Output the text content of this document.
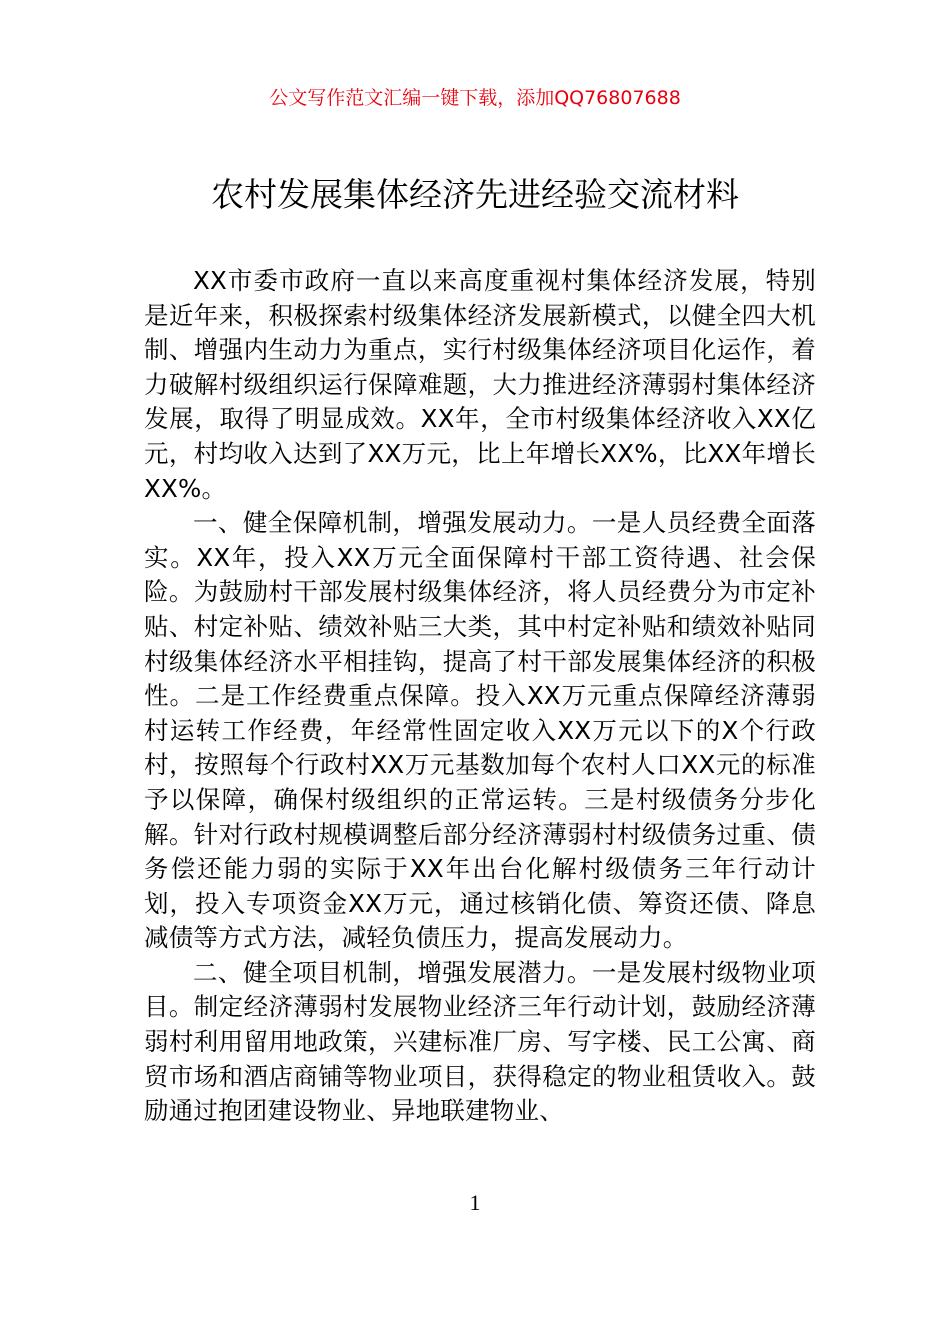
公文写作范文汇编一键下载，添加QQ76807688
农村发展集体经济先进经验交流材料

XX市委市政府一直以来高度重视村集体经济发展，特别是近年来，积极探索村级集体经济发展新模式，以健全四大机制、增强内生动力为重点，实行村级集体经济项目化运作，着力破解村级组织运行保障难题，大力推进经济薄弱村集体经济发展，取得了明显成效。XX年，全市村级集体经济收入XX亿元，村均收入达到了XX万元，比上年增长XX%，比XX年增长XX%。

一、健全保障机制，增强发展动力。一是人员经费全面落实。XX年，投入XX万元全面保障村干部工资待遇、社会保险。为鼓励村干部发展村级集体经济，将人员经费分为市定补贴、村定补贴、绩效补贴三大类，其中村定补贴和绩效补贴同村级集体经济水平相挂钩，提高了村干部发展集体经济的积极性。二是工作经费重点保障。投入XX万元重点保障经济薄弱村运转工作经费，年经常性固定收入XX万元以下的X个行政村，按照每个行政村XX万元基数加每个农村人口XX元的标准予以保障，确保村级组织的正常运转。三是村级债务分步化解。针对行政村规模调整后部分经济薄弱村村级债务过重、债务偿还能力弱的实际于XX年出台化解村级债务三年行动计划，投入专项资金XX万元，通过核销化债、筹资还债、降息减债等方式方法，减轻负债压力，提高发展动力。

二、健全项目机制，增强发展潜力。一是发展村级物业项目。制定经济薄弱村发展物业经济三年行动计划，鼓励经济薄弱村利用留用地政策，兴建标准厂房、写字楼、民工公寓、商贸市场和酒店商铺等物业项目，获得稳定的物业租赁收入。鼓励通过抱团建设物业、异地联建物业、

1
